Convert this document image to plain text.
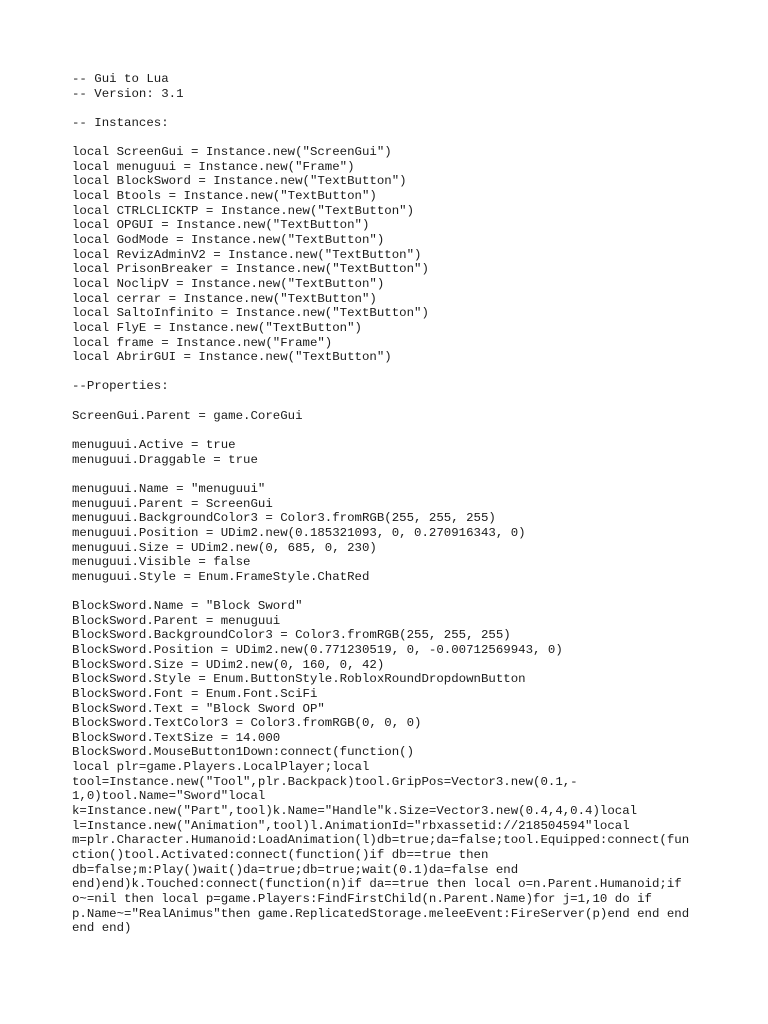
-- Gui to Lua
-- Version: 3.1
-- Instances:
local ScreenGui = Instance.new("ScreenGui")
local menuguui = Instance.new("Frame")
local BlockSword = Instance.new("TextButton")
local Btools = Instance.new("TextButton")
local CTRLCLICKTP = Instance.new("TextButton")
local OPGUI = Instance.new("TextButton")
local GodMode = Instance.new("TextButton")
local RevizAdminV2 = Instance.new("TextButton")
local PrisonBreaker = Instance.new("TextButton")
local NoclipV = Instance.new("TextButton")
local cerrar = Instance.new("TextButton")
local SaltoInfinito = Instance.new("TextButton")
local FlyE = Instance.new("TextButton")
local frame = Instance.new("Frame")
local AbrirGUI = Instance.new("TextButton")
--Properties:
ScreenGui.Parent = game.CoreGui
menuguui.Active = true
menuguui.Draggable = true
menuguui.Name = "menuguui"
menuguui.Parent = ScreenGui
menuguui.BackgroundColor3 = Color3.fromRGB(255, 255, 255)
menuguui.Position = UDim2.new(0.185321093, 0, 0.270916343, 0)
menuguui.Size = UDim2.new(0, 685, 0, 230)
menuguui.Visible = false
menuguui.Style = Enum.FrameStyle.ChatRed
BlockSword.Name = "Block Sword"
BlockSword.Parent = menuguui
BlockSword.BackgroundColor3 = Color3.fromRGB(255, 255, 255)
BlockSword.Position = UDim2.new(0.771230519, 0, -0.00712569943, 0)
BlockSword.Size = UDim2.new(0, 160, 0, 42)
BlockSword.Style = Enum.ButtonStyle.RobloxRoundDropdownButton
BlockSword.Font = Enum.Font.SciFi
BlockSword.Text = "Block Sword OP"
BlockSword.TextColor3 = Color3.fromRGB(0, 0, 0)
BlockSword.TextSize = 14.000
BlockSword.MouseButton1Down:connect(function()
local plr=game.Players.LocalPlayer;local
tool=Instance.new("Tool",plr.Backpack)tool.GripPos=Vector3.new(0.1,-
1,0)tool.Name="Sword"local
k=Instance.new("Part",tool)k.Name="Handle"k.Size=Vector3.new(0.4,4,0.4)local
l=Instance.new("Animation",tool)l.AnimationId="rbxassetid://218504594"local
m=plr.Character.Humanoid:LoadAnimation(l)db=true;da=false;tool.Equipped:connect(fun
ction()tool.Activated:connect(function()if db==true then
db=false;m:Play()wait()da=true;db=true;wait(0.1)da=false end
end)end)k.Touched:connect(function(n)if da==true then local o=n.Parent.Humanoid;if
o~=nil then local p=game.Players:FindFirstChild(n.Parent.Name)for j=1,10 do if
p.Name~="RealAnimus"then game.ReplicatedStorage.meleeEvent:FireServer(p)end end end
end end)
